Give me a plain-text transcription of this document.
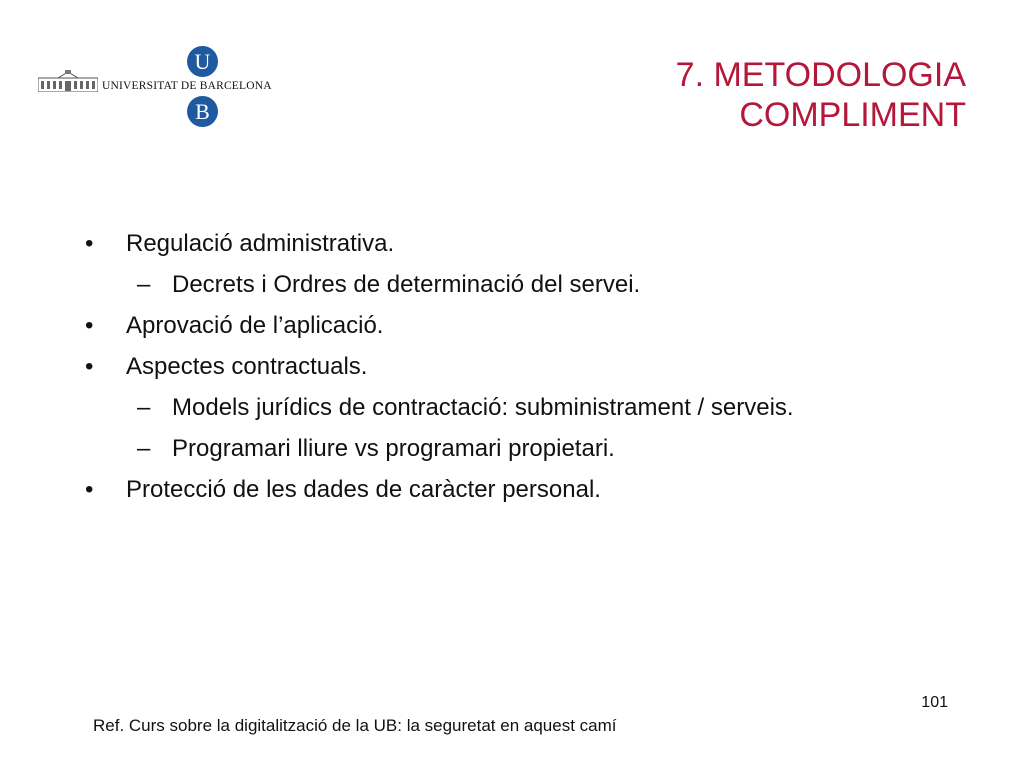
U
UNIVERSITAT DE BARCELONA
B
7. METODOLOGIA
COMPLIMENT
• Regulació administrativa.
– Decrets i Ordres de determinació del servei.
• Aprovació de l’aplicació.
• Aspectes contractuals.
– Models jurídics de contractació: subministrament / serveis.
– Programari lliure vs programari propietari.
• Protecció de les dades de caràcter personal.
101
Ref. Curs sobre la digitalització de la UB: la seguretat en aquest camí
